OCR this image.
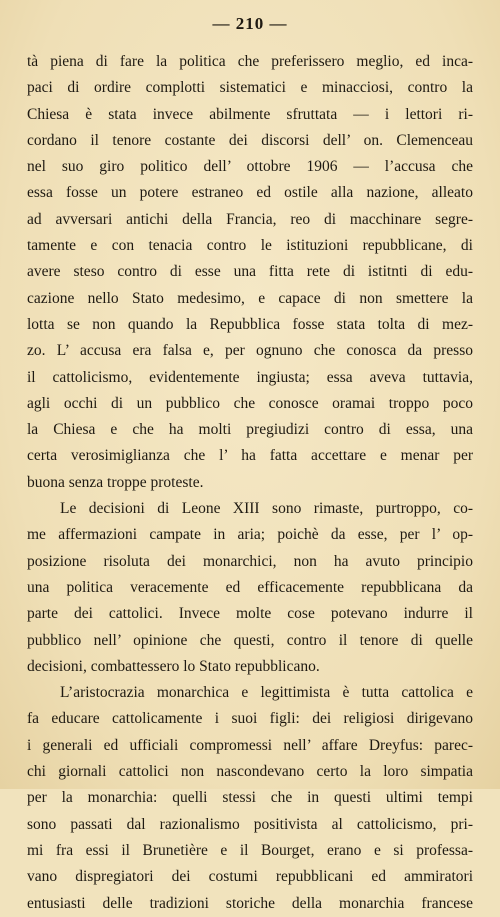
— 210 —
tà piena di fare la politica che preferissero meglio, ed inca-
paci di ordire complotti sistematici e minacciosi, contro la
Chiesa è stata invece abilmente sfruttata — i lettori ri-
cordano il tenore costante dei discorsi dell’ on. Clemenceau
nel suo giro politico dell’ ottobre 1906 — l’accusa che
essa fosse un potere estraneo ed ostile alla nazione, alleato
ad avversari antichi della Francia, reo di macchinare segre-
tamente e con tenacia contro le istituzioni repubblicane, di
avere steso contro di esse una fitta rete di istitnti di edu-
cazione nello Stato medesimo, e capace di non smettere la
lotta se non quando la Repubblica fosse stata tolta di mez-
zo. L’ accusa era falsa e, per ognuno che conosca da presso
il cattolicismo, evidentemente ingiusta; essa aveva tuttavia,
agli occhi di un pubblico che conosce oramai troppo poco
la Chiesa e che ha molti pregiudizi contro di essa, una
certa verosimiglianza che l’ ha fatta accettare e menar per
buona senza troppe proteste.
Le decisioni di Leone XIII sono rimaste, purtroppo, co-
me affermazioni campate in aria; poichè da esse, per l’ op-
posizione risoluta dei monarchici, non ha avuto principio
una politica veracemente ed efficacemente repubblicana da
parte dei cattolici. Invece molte cose potevano indurre il
pubblico nell’ opinione che questi, contro il tenore di quelle
decisioni, combattessero lo Stato repubblicano.
L’aristocrazia monarchica e legittimista è tutta cattolica e
fa educare cattolicamente i suoi figli: dei religiosi dirigevano
i generali ed ufficiali compromessi nell’ affare Dreyfus: parec-
chi giornali cattolici non nascondevano certo la loro simpatia
per la monarchia: quelli stessi che in questi ultimi tempi
sono passati dal razionalismo positivista al cattolicismo, pri-
mi fra essi il Brunetière e il Bourget, erano e si professa-
vano dispregiatori dei costumi repubblicani ed ammiratori
entusiasti delle tradizioni storiche della monarchia francese
